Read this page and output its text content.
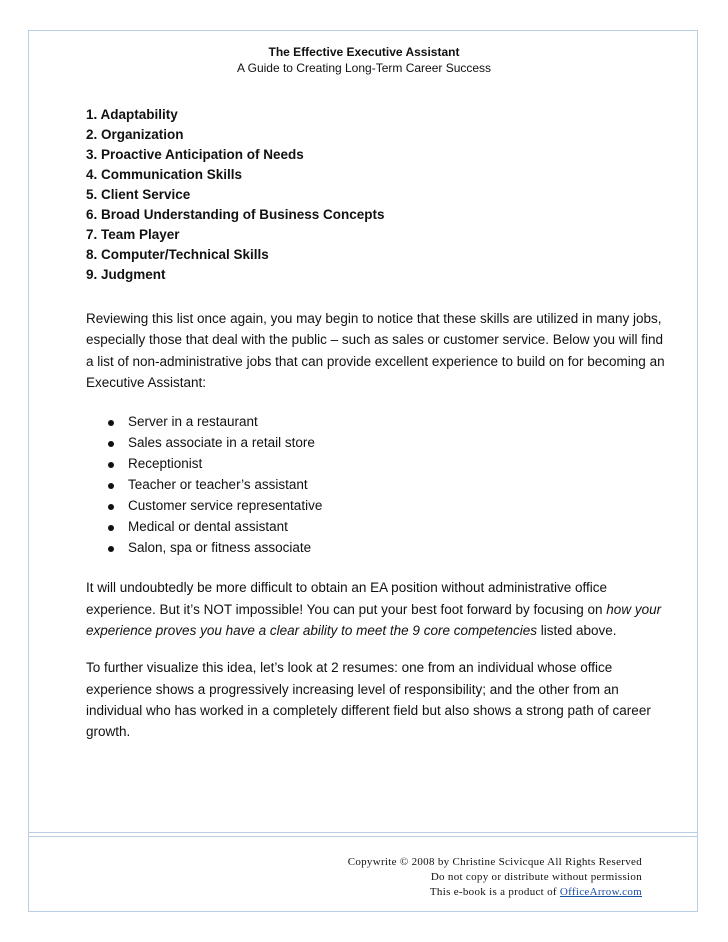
The Effective Executive Assistant
A Guide to Creating Long-Term Career Success
1. Adaptability
2. Organization
3. Proactive Anticipation of Needs
4. Communication Skills
5. Client Service
6. Broad Understanding of Business Concepts
7. Team Player
8. Computer/Technical Skills
9. Judgment

Reviewing this list once again, you may begin to notice that these skills are utilized in many jobs, especially those that deal with the public – such as sales or customer service. Below you will find a list of non-administrative jobs that can provide excellent experience to build on for becoming an Executive Assistant:

Server in a restaurant
Sales associate in a retail store
Receptionist
Teacher or teacher’s assistant
Customer service representative
Medical or dental assistant
Salon, spa or fitness associate

It will undoubtedly be more difficult to obtain an EA position without administrative office experience. But it’s NOT impossible! You can put your best foot forward by focusing on how your experience proves you have a clear ability to meet the 9 core competencies listed above.

To further visualize this idea, let’s look at 2 resumes: one from an individual whose office experience shows a progressively increasing level of responsibility; and the other from an individual who has worked in a completely different field but also shows a strong path of career growth.

Copywrite © 2008 by Christine Scivicque All Rights Reserved
Do not copy or distribute without permission
This e-book is a product of OfficeArrow.com
